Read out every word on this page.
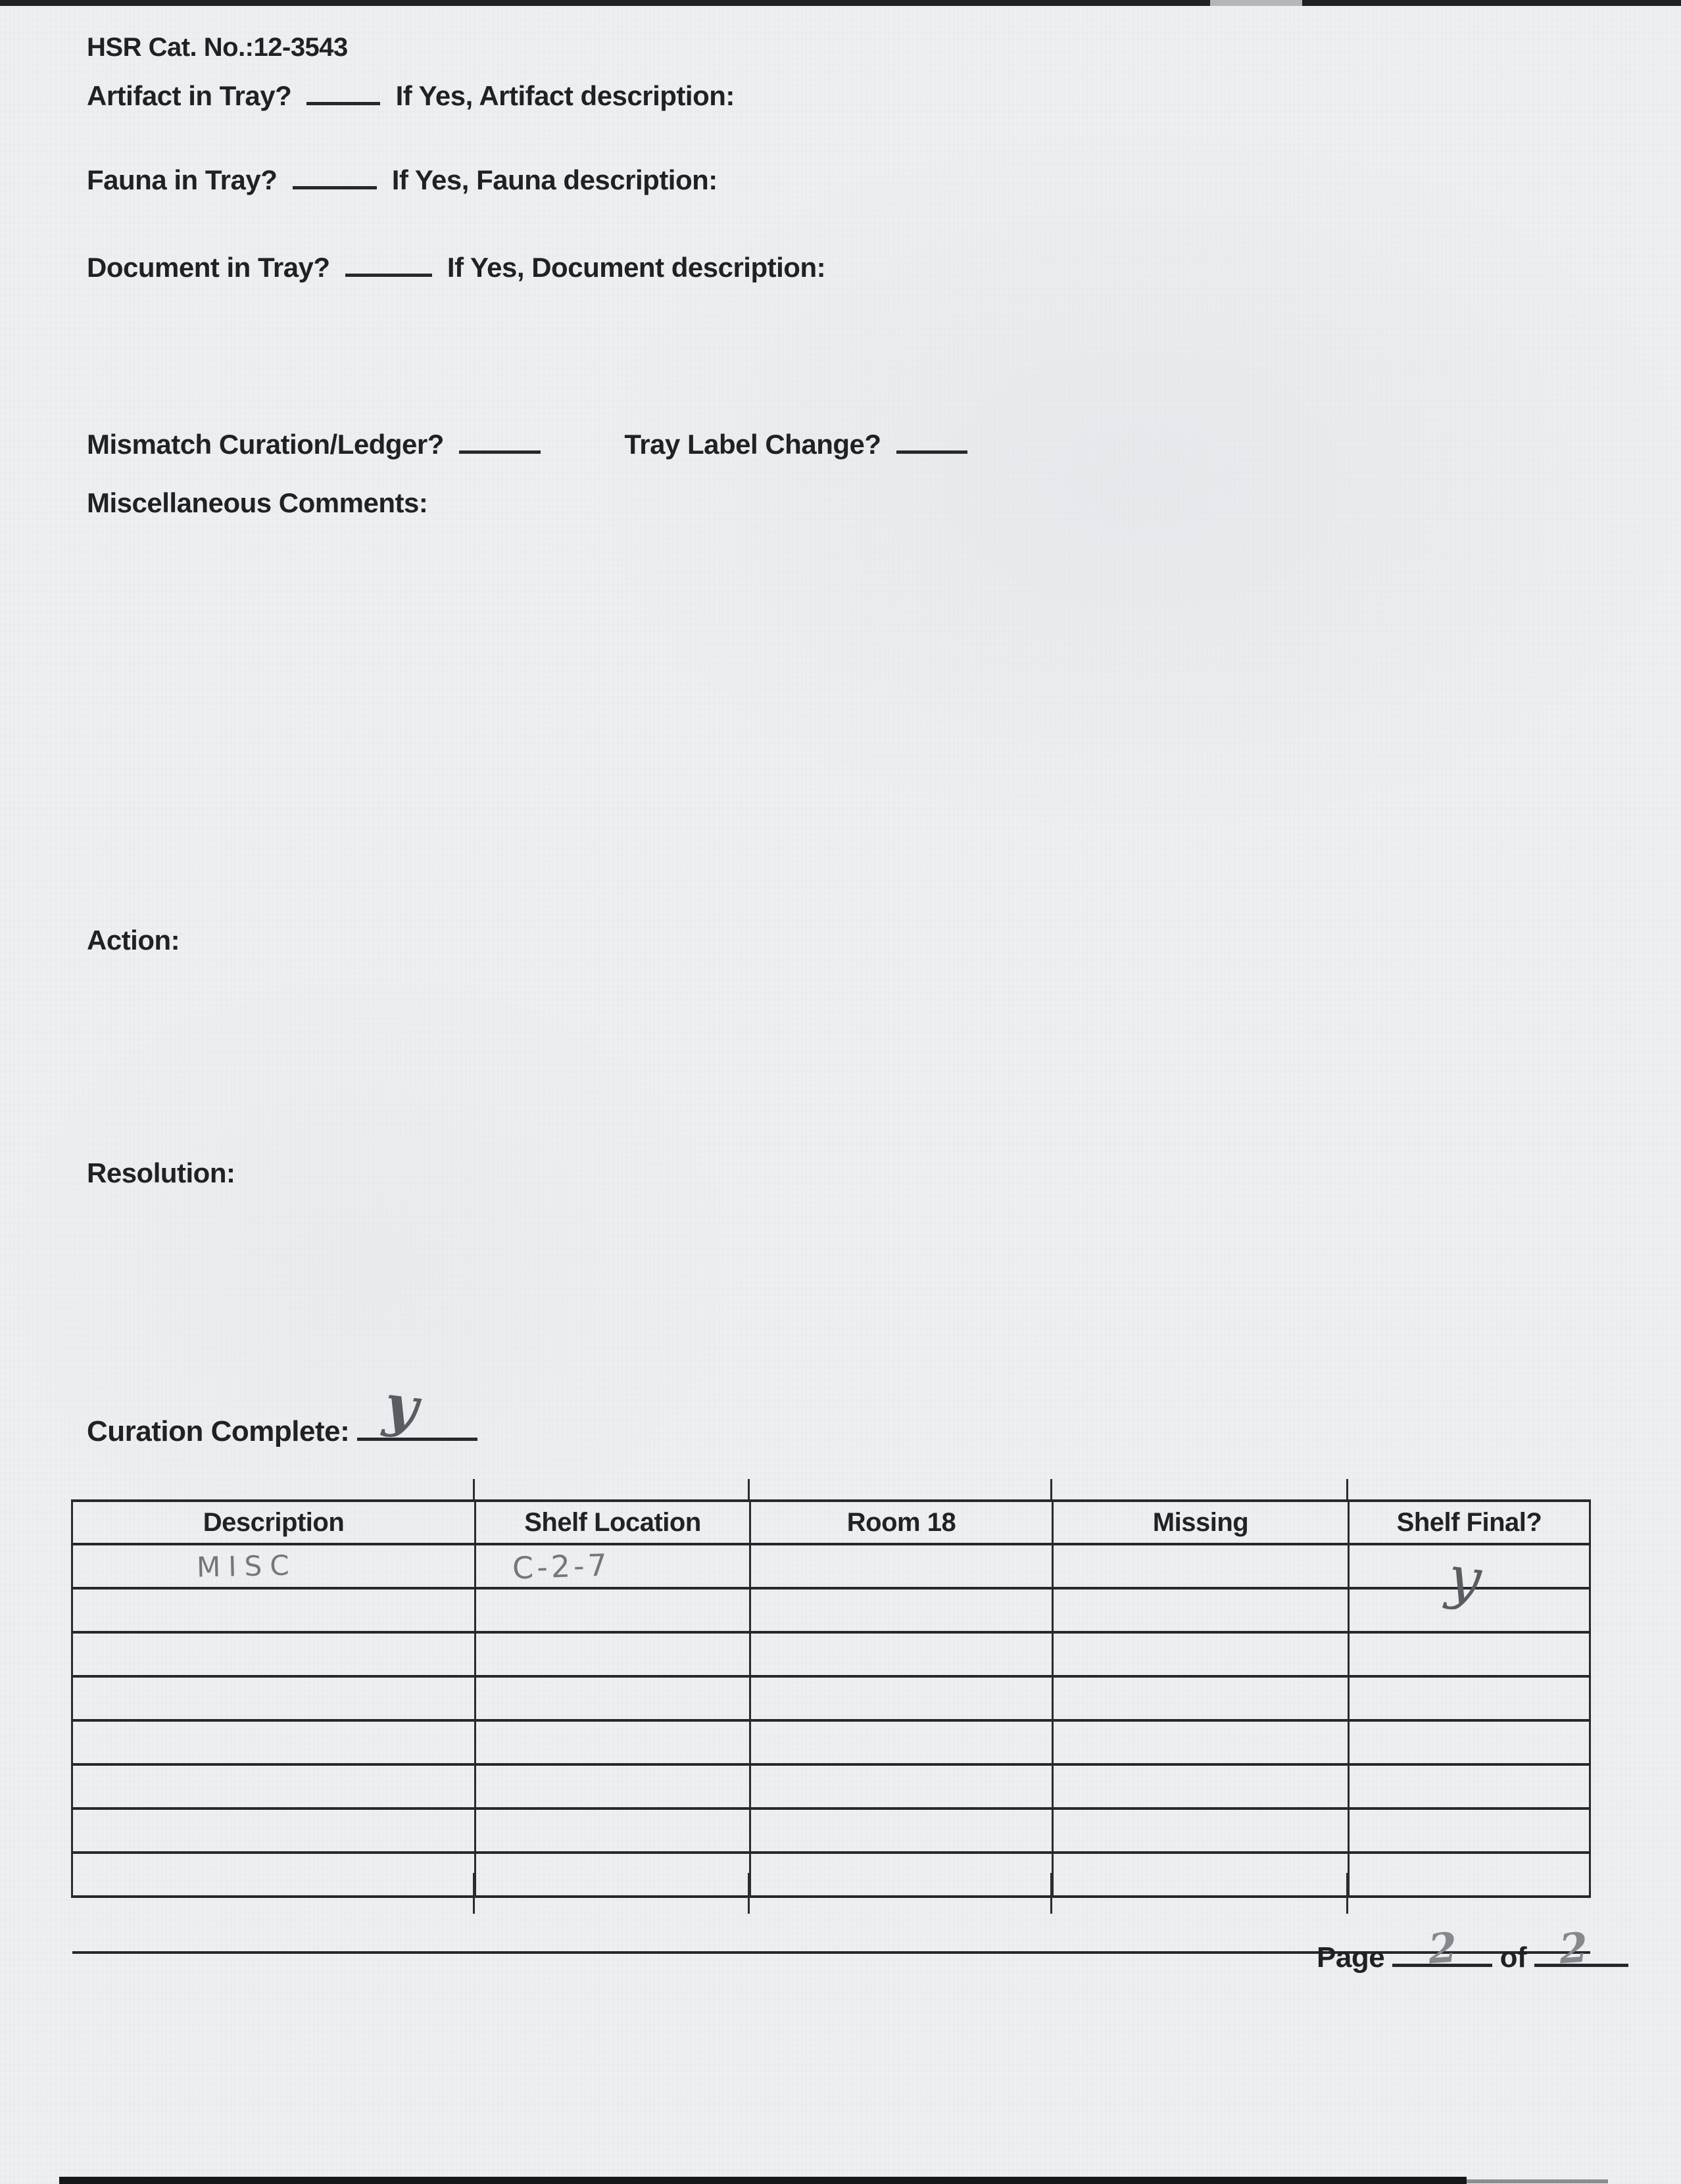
HSR Cat. No.:12-3543
Artifact in Tray?	If Yes, Artifact description:
Fauna in Tray?	If Yes, Fauna description:
Document in Tray?	If Yes, Document description:
Mismatch Curation/Ledger?	Tray Label Change?
Miscellaneous Comments:
Action:
Resolution:
Curation Complete: y
Description	Shelf Location	Room 18	Missing	Shelf Final?
MISC	C-2-7			y

Page 2 of 2
